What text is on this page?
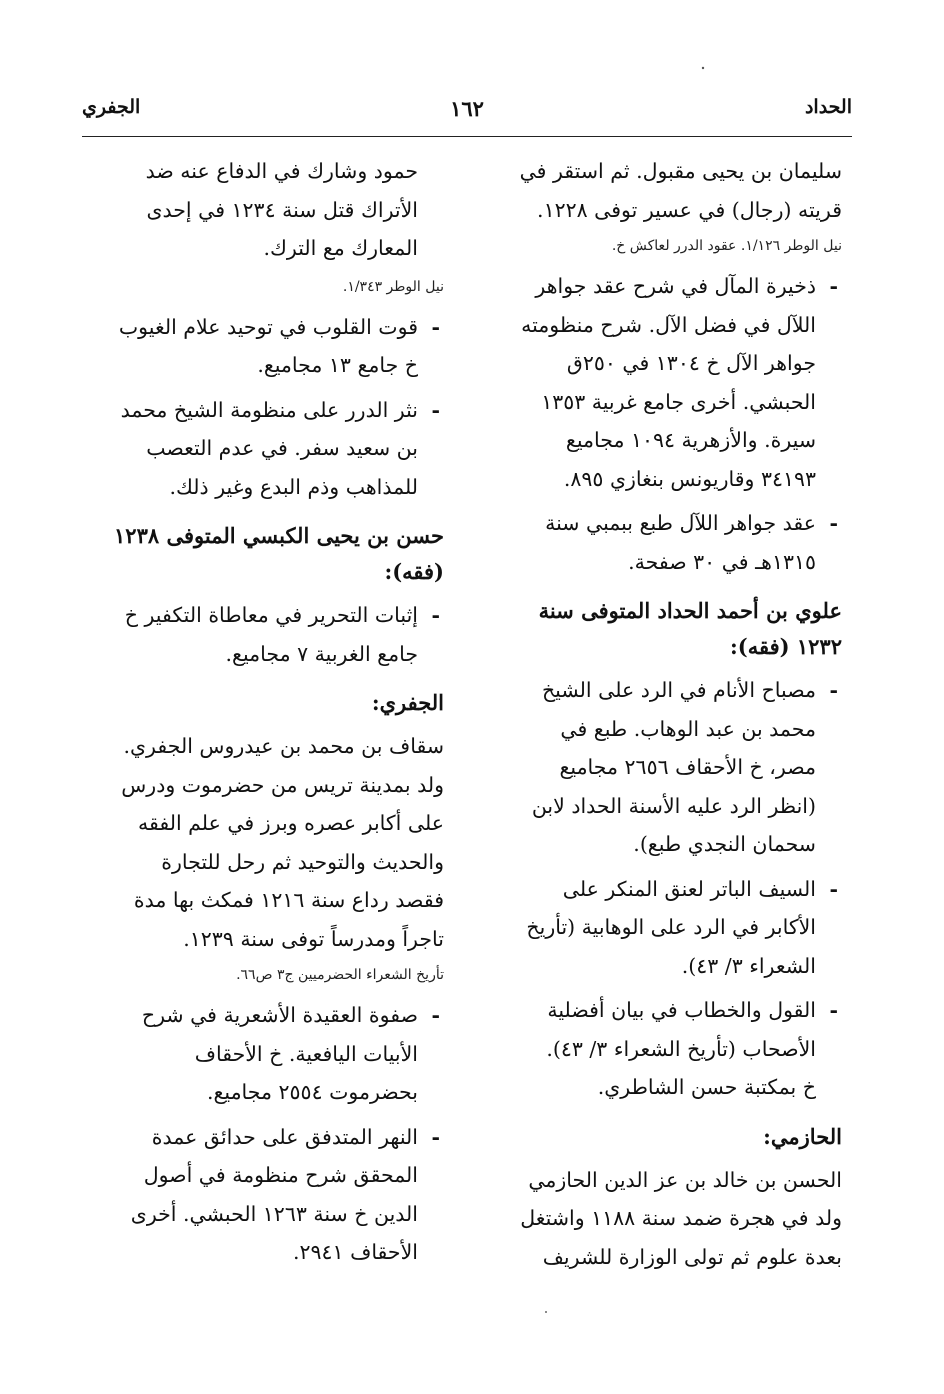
الحداد
١٦٢
الجفري
سليمان بن يحيى مقبول. ثم استقر في
قريته (رجال) في عسير توفى ١٢٢٨.
نيل الوطر ١/١٢٦. عقود الدرر لعاكش خ.
-
ذخيرة المآل في شرح عقد جواهر
اللآل في فضل الآل. شرح منظومته
جواهر الآل خ ١٣٠٤ في ٢٥٠ق
الحبشي. أخرى جامع غربية ١٣٥٣
سيرة. والأزهرية ١٠٩٤ مجاميع
٣٤١٩٣ وقاريونس بنغازي ٨٩٥.
-
عقد جواهر اللآل طبع ببمبي سنة
١٣١٥هـ في ٣٠ صفحة.
علوي بن أحمد الحداد المتوفى سنة
١٢٣٢ (فقه):
-
مصباح الأنام في الرد على الشيخ
محمد بن عبد الوهاب. طبع في
مصر، خ الأحقاف ٢٦٥٦ مجاميع
(انظر الرد عليه الأسنة الحداد لابن
سحمان النجدي طبع).
-
السيف الباتر لعنق المنكر على
الأكابر في الرد على الوهابية (تأريخ
الشعراء ٣/ ٤٣).
-
القول والخطاب في بيان أفضلية
الأصحاب (تأريخ الشعراء ٣/ ٤٣).
خ بمكتبة حسن الشاطري.
الحازمي:
الحسن بن خالد بن عز الدين الحازمي
ولد في هجرة ضمد سنة ١١٨٨ واشتغل
بعدة علوم ثم تولى الوزارة للشريف
حمود وشارك في الدفاع عنه ضد
الأتراك قتل سنة ١٢٣٤ في إحدى
المعارك مع الترك.
نيل الوطر ١/٣٤٣.
-
قوت القلوب في توحيد علام الغيوب
خ جامع ١٣ مجاميع.
-
نثر الدرر على منظومة الشيخ محمد
بن سعيد سفر. في عدم التعصب
للمذاهب وذم البدع وغير ذلك.
حسن بن يحيى الكبسي المتوفى ١٢٣٨
(فقه):
-
إثبات التحرير في معاطاة التكفير خ
جامع الغربية ٧ مجاميع.
الجفري:
سقاف بن محمد بن عيدروس الجفري.
ولد بمدينة تريس من حضرموت ودرس
على أكابر عصره وبرز في علم الفقه
والحديث والتوحيد ثم رحل للتجارة
فقصد رداع سنة ١٢١٦ فمكث بها مدة
تاجراً ومدرساً توفى سنة ١٢٣٩.
تأريخ الشعراء الحضرميين ج٣ ص٦٦.
-
صفوة العقيدة الأشعرية في شرح
الأبيات اليافعية. خ الأحقاف
بحضرموت ٢٥٥٤ مجاميع.
-
النهر المتدفق على حدائق عمدة
المحقق شرح منظومة في أصول
الدين خ سنة ١٢٦٣ الحبشي. أخرى
الأحقاف ٢٩٤١.
